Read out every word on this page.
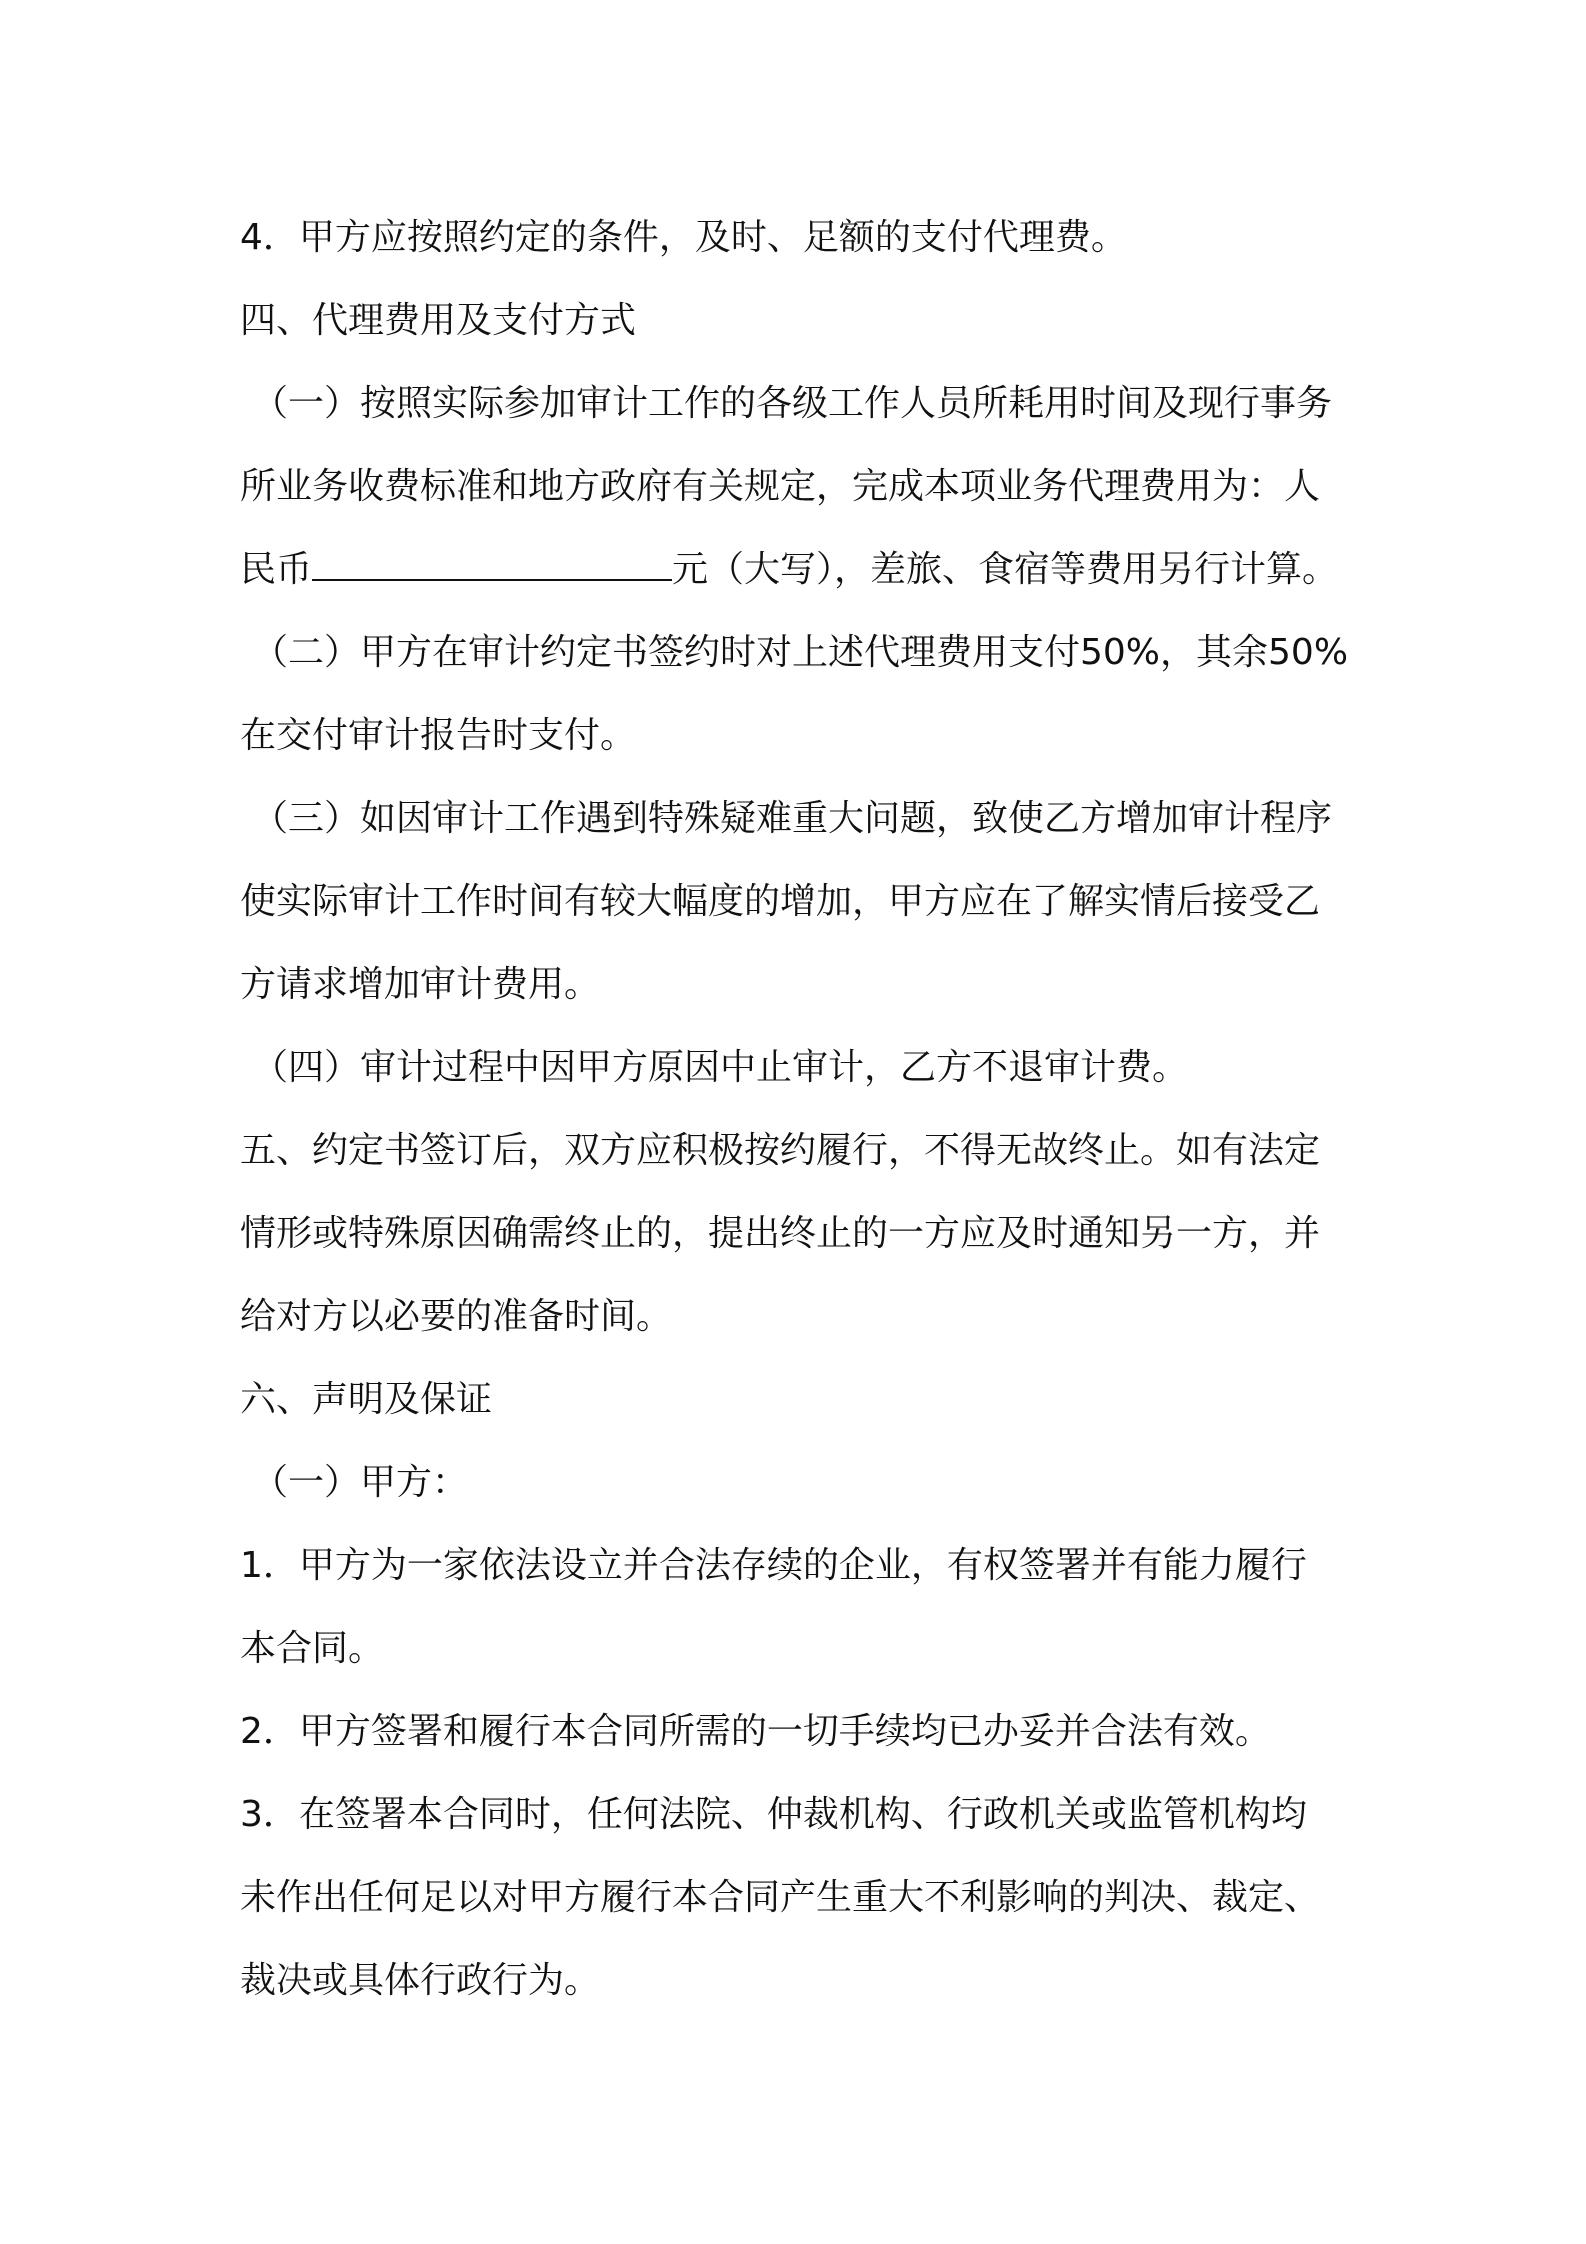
4．甲方应按照约定的条件，及时、足额的支付代理费。

四、代理费用及支付方式

（一）按照实际参加审计工作的各级工作人员所耗用时间及现行事务

所业务收费标准和地方政府有关规定，完成本项业务代理费用为：人

民币	元（大写），差旅、食宿等费用另行计算。

（二）甲方在审计约定书签约时对上述代理费用支付50%，其余50%

在交付审计报告时支付。

（三）如因审计工作遇到特殊疑难重大问题，致使乙方增加审计程序

使实际审计工作时间有较大幅度的增加，甲方应在了解实情后接受乙

方请求增加审计费用。

（四）审计过程中因甲方原因中止审计，乙方不退审计费。

五、约定书签订后，双方应积极按约履行，不得无故终止。如有法定

情形或特殊原因确需终止的，提出终止的一方应及时通知另一方，并

给对方以必要的准备时间。

六、声明及保证

（一）甲方：

1．甲方为一家依法设立并合法存续的企业，有权签署并有能力履行

本合同。

2．甲方签署和履行本合同所需的一切手续均已办妥并合法有效。

3．在签署本合同时，任何法院、仲裁机构、行政机关或监管机构均

未作出任何足以对甲方履行本合同产生重大不利影响的判决、裁定、

裁决或具体行政行为。
